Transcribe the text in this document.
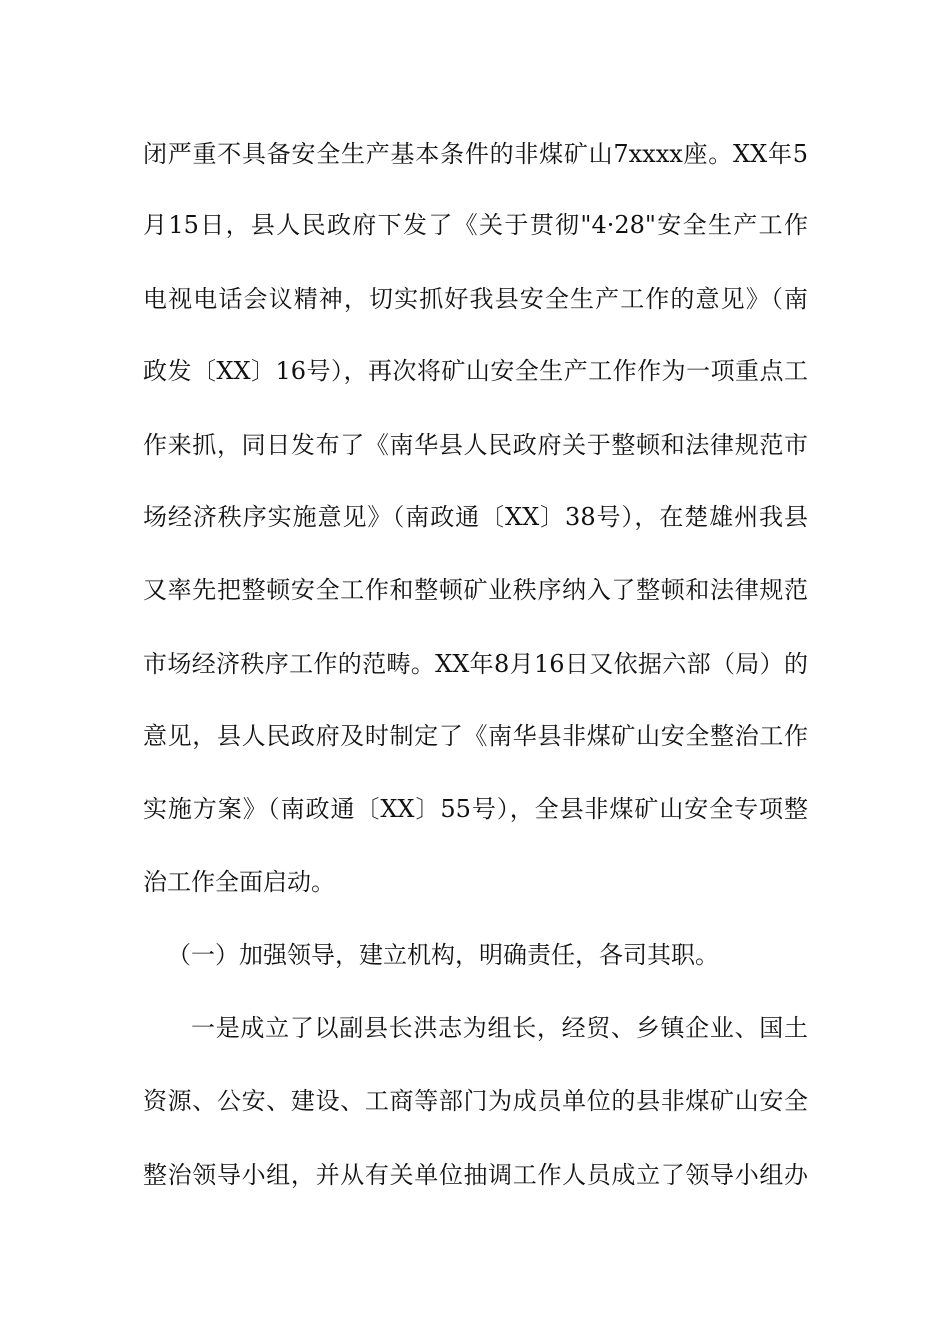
闭严重不具备安全生产基本条件的非煤矿山7xxxx座。XX年5
月15日，县人民政府下发了《关于贯彻"4·28"安全生产工作
电视电话会议精神，切实抓好我县安全生产工作的意见》（南
政发〔XX〕16号），再次将矿山安全生产工作作为一项重点工
作来抓，同日发布了《南华县人民政府关于整顿和法律规范市
场经济秩序实施意见》（南政通〔XX〕38号），在楚雄州我县
又率先把整顿安全工作和整顿矿业秩序纳入了整顿和法律规范
市场经济秩序工作的范畴。XX年8月16日又依据六部（局）的
意见，县人民政府及时制定了《南华县非煤矿山安全整治工作
实施方案》（南政通〔XX〕55号），全县非煤矿山安全专项整
治工作全面启动。
（一）加强领导，建立机构，明确责任，各司其职。
一是成立了以副县长洪志为组长，经贸、乡镇企业、国土
资源、公安、建设、工商等部门为成员单位的县非煤矿山安全
整治领导小组，并从有关单位抽调工作人员成立了领导小组办
